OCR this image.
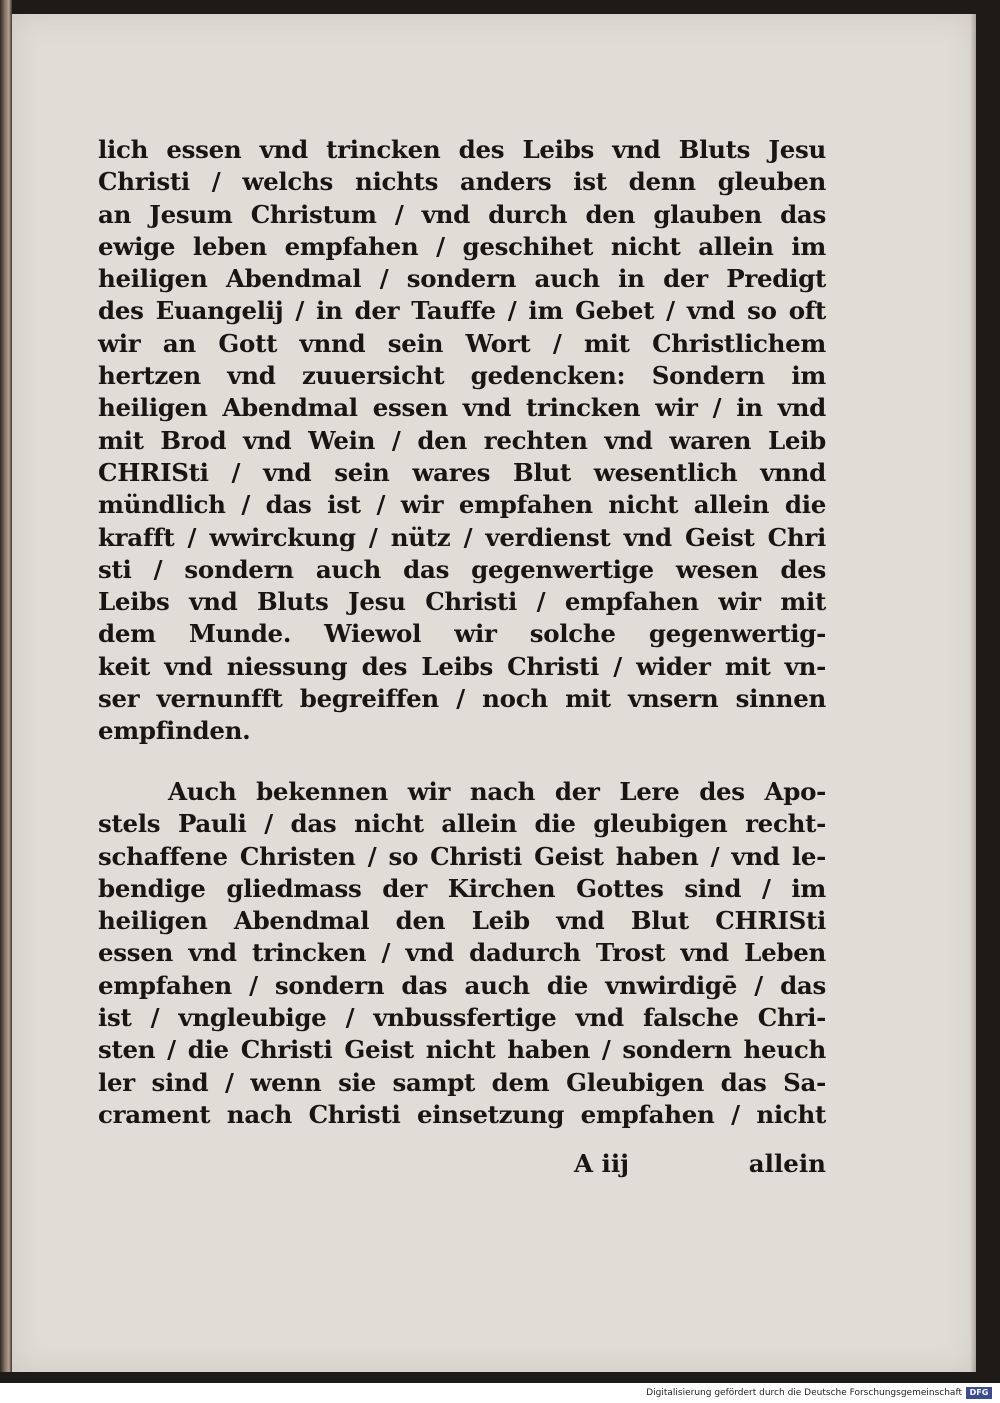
lich essen vnd trincken des Leibs vnd Bluts Jesu
Christi / welchs nichts anders ist denn gleuben
an Jesum Christum / vnd durch den glauben das
ewige leben empfahen / geschihet nicht allein im
heiligen Abendmal / sondern auch in der Predigt
des Euangelij / in der Tauffe / im Gebet / vnd so oft
wir an Gott vnnd sein Wort / mit Christlichem
hertzen vnd zuuersicht gedencken: Sondern im
heiligen Abendmal essen vnd trincken wir / in vnd
mit Brod vnd Wein / den rechten vnd waren Leib
CHRISti / vnd sein wares Blut wesentlich vnnd
mündlich / das ist / wir empfahen nicht allein die
krafft / wwirckung / nütz / verdienst vnd Geist Chri
sti / sondern auch das gegenwertige wesen des
Leibs vnd Bluts Jesu Christi / empfahen wir mit
dem Munde. Wiewol wir solche gegenwertig-
keit vnd niessung des Leibs Christi / wider mit vn-
ser vernunfft begreiffen / noch mit vnsern sinnen
empfinden.
Auch bekennen wir nach der Lere des Apo-
stels Pauli / das nicht allein die gleubigen recht-
schaffene Christen / so Christi Geist haben / vnd le-
bendige gliedmass der Kirchen Gottes sind / im
heiligen Abendmal den Leib vnd Blut CHRISti
essen vnd trincken / vnd dadurch Trost vnd Leben
empfahen / sondern das auch die vnwirdigē / das
ist / vngleubige / vnbussfertige vnd falsche Chri-
sten / die Christi Geist nicht haben / sondern heuch
ler sind / wenn sie sampt dem Gleubigen das Sa-
crament nach Christi einsetzung empfahen / nicht
A iij	allein
Digitalisierung gefördert durch die Deutsche Forschungsgemeinschaft DFG
